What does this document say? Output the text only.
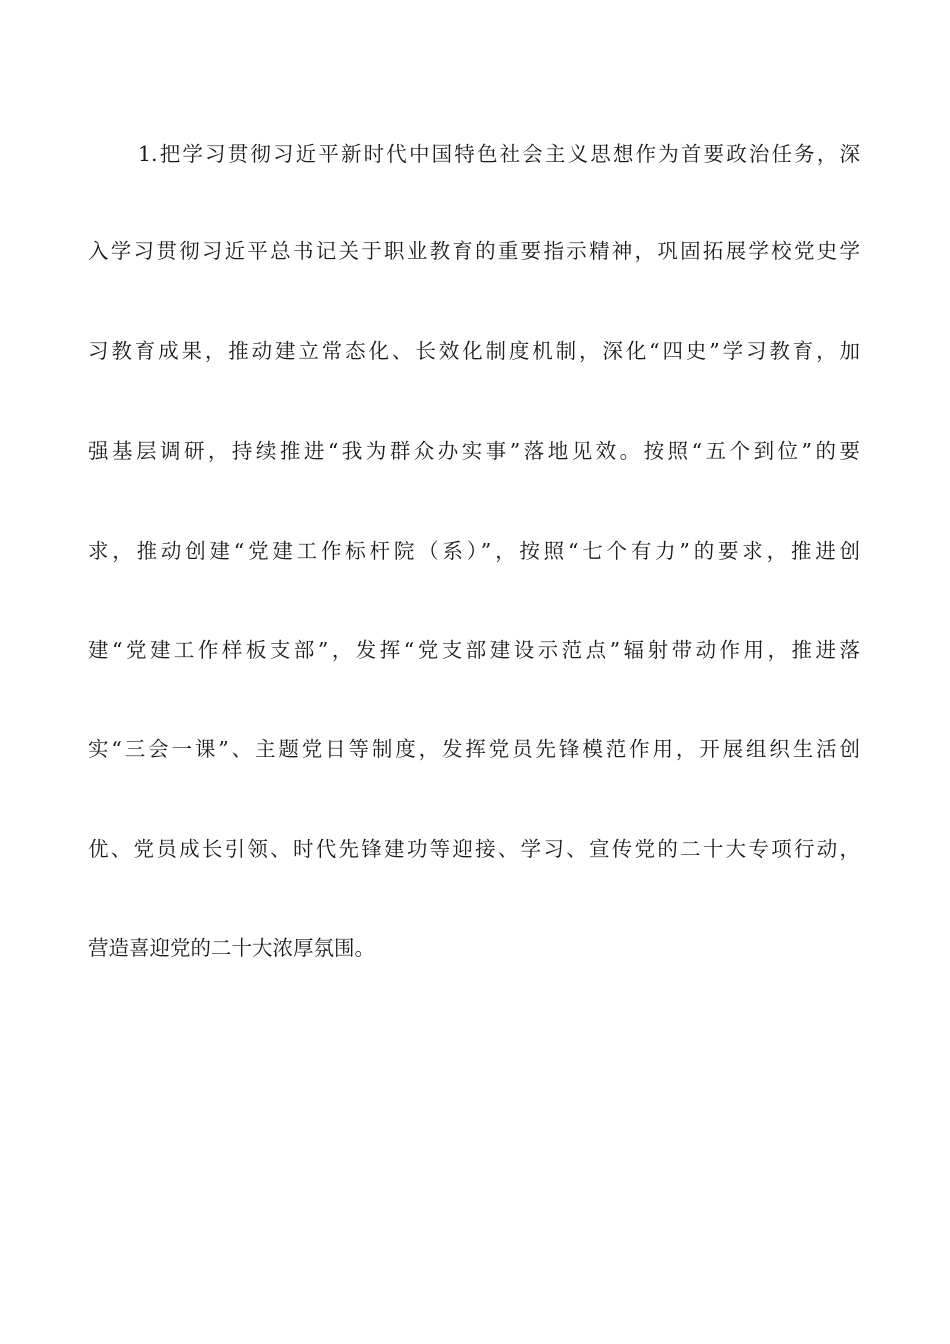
1.把学习贯彻习近平新时代中国特色社会主义思想作为首要政治任务，深
入学习贯彻习近平总书记关于职业教育的重要指示精神，巩固拓展学校党史学
习教育成果，推动建立常态化、长效化制度机制，深化“四史”学习教育，加
强基层调研，持续推进“我为群众办实事”落地见效。按照“五个到位”的要
求，推动创建“党建工作标杆院（系）”，按照“七个有力”的要求，推进创
建“党建工作样板支部”，发挥“党支部建设示范点”辐射带动作用，推进落
实“三会一课”、主题党日等制度，发挥党员先锋模范作用，开展组织生活创
优、党员成长引领、时代先锋建功等迎接、学习、宣传党的二十大专项行动，
营造喜迎党的二十大浓厚氛围。
